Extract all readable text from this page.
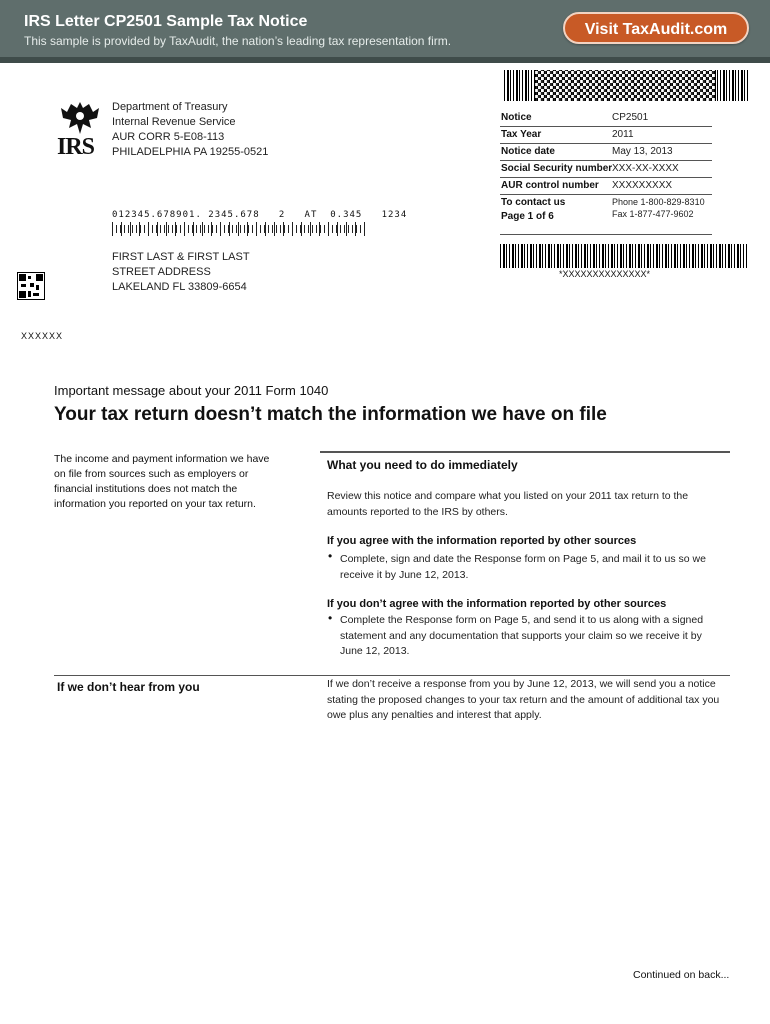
IRS Letter CP2501 Sample Tax Notice
This sample is provided by TaxAudit, the nation’s leading tax representation firm.
Visit TaxAudit.com
IRS
Department of Treasury
Internal Revenue Service
AUR CORR 5-E08-113
PHILADELPHIA PA 19255-0521
012345.678901. 2345.678   2   AT  0.345   1234
FIRST LAST & FIRST LAST
STREET ADDRESS
LAKELAND FL 33809-6654
XXXXXX
Notice	CP2501
Tax Year	2011
Notice date	May 13, 2013
Social Security number XXX-XX-XXXX
AUR control number XXXXXXXXX
To contact us	Phone 1-800-829-8310
Fax 1-877-477-9602
Page 1 of 6
*XXXXXXXXXXXXXX*
Important message about your 2011 Form 1040
Your tax return doesn’t match the information we have on file
The income and payment information we have on file from sources such as employers or financial institutions does not match the information you reported on your tax return.
What you need to do immediately
Review this notice and compare what you listed on your 2011 tax return to the amounts reported to the IRS by others.
If you agree with the information reported by other sources
• Complete, sign and date the Response form on Page 5, and mail it to us so we receive it by June 12, 2013.
If you don’t agree with the information reported by other sources
• Complete the Response form on Page 5, and send it to us along with a signed statement and any documentation that supports your claim so we receive it by June 12, 2013.
If we don’t hear from you	If we don’t receive a response from you by June 12, 2013, we will send you a notice stating the proposed changes to your tax return and the amount of additional tax you owe plus any penalties and interest that apply.
Continued on back...
